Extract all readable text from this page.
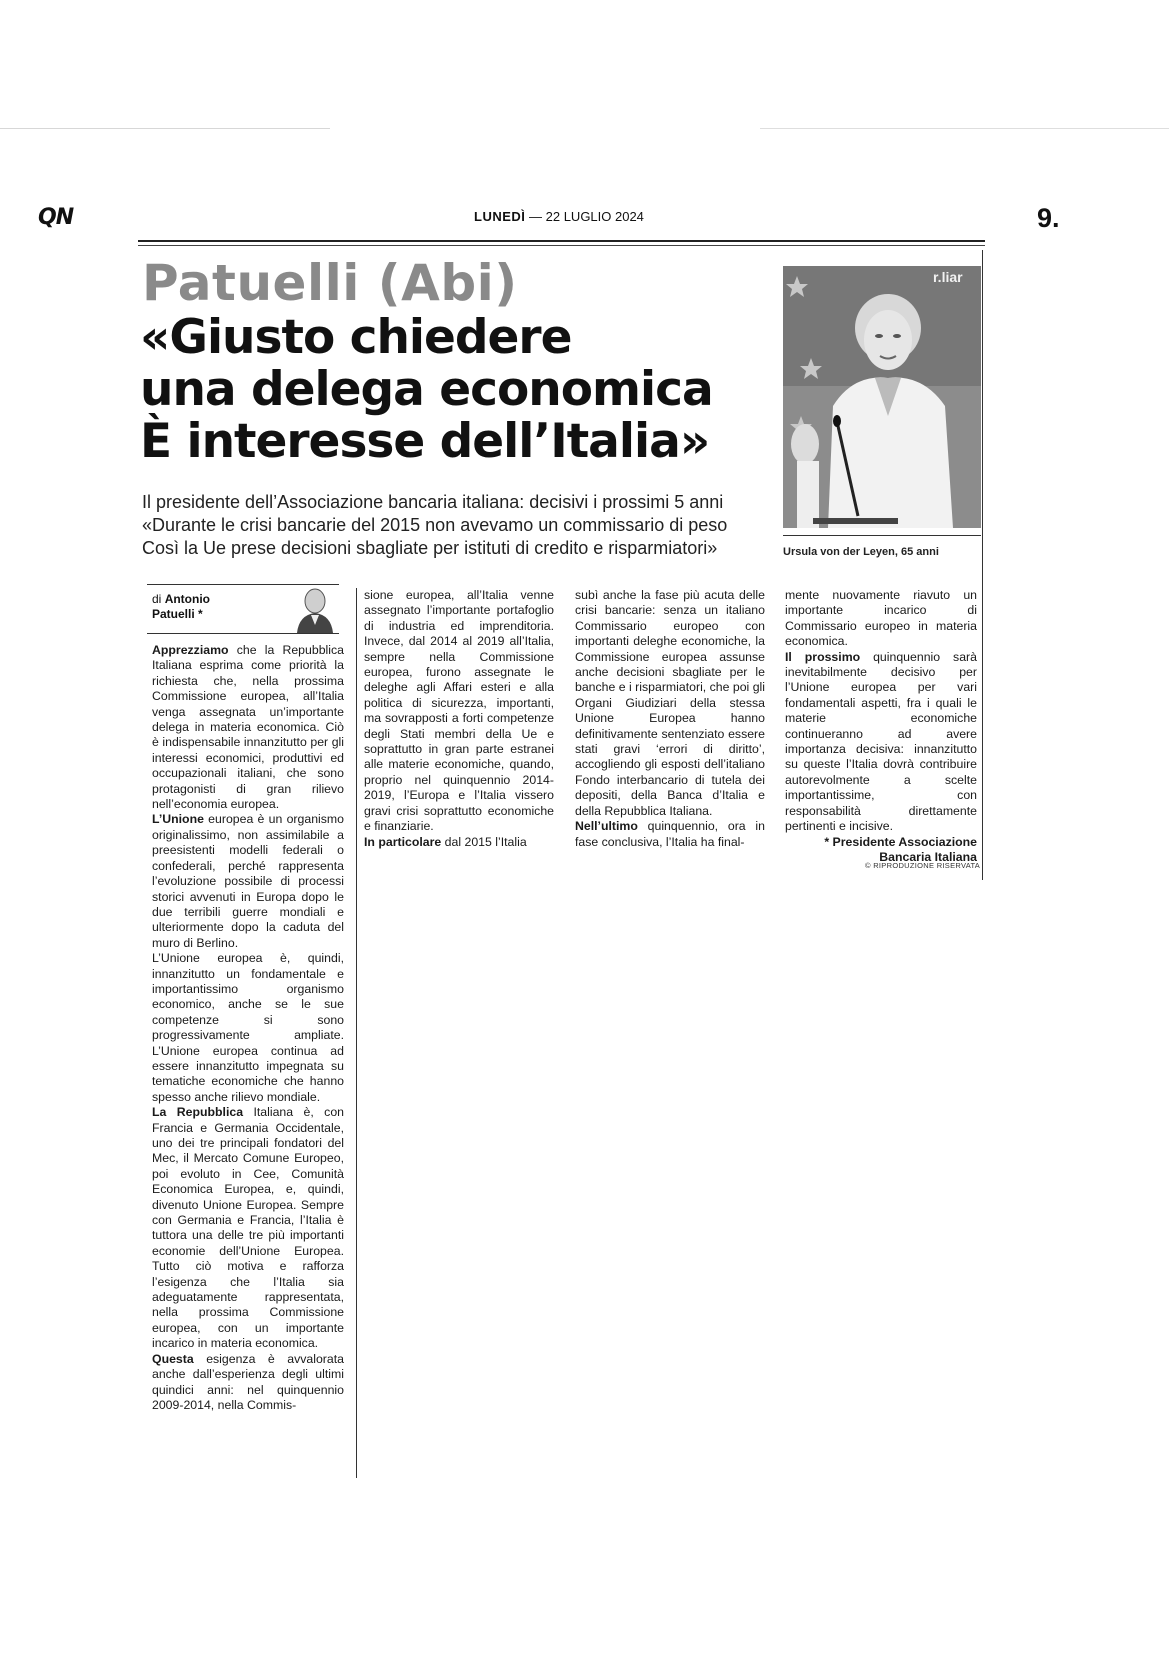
QN	LUNEDÌ — 22 LUGLIO 2024	9.
Patuelli (Abi)
«Giusto chiedere
una delega economica
È interesse dell’Italia»
Il presidente dell’Associazione bancaria italiana: decisivi i prossimi 5 anni
«Durante le crisi bancarie del 2015 non avevamo un commissario di peso
Così la Ue prese decisioni sbagliate per istituti di credito e risparmiatori»
r.liar
Ursula von der Leyen, 65 anni
di Antonio
Patuelli *

Apprezziamo che la Repubblica Italiana esprima come priorità la richiesta che, nella prossima Commissione europea, all’Italia venga assegnata un’importante delega in materia economica. Ciò è indispensabile innanzitutto per gli interessi economici, produttivi ed occupazionali italiani, che sono protagonisti di gran rilievo nell’economia europea.

L’Unione europea è un organismo originalissimo, non assimilabile a preesistenti modelli federali o confederali, perché rappresenta l’evoluzione possibile di processi storici avvenuti in Europa dopo le due terribili guerre mondiali e ulteriormente dopo la caduta del muro di Berlino.

L’Unione europea è, quindi, innanzitutto un fondamentale e importantissimo organismo economico, anche se le sue competenze si sono progressivamente ampliate. L’Unione europea continua ad essere innanzitutto impegnata su tematiche economiche che hanno spesso anche rilievo mondiale.

La Repubblica Italiana è, con Francia e Germania Occidentale, uno dei tre principali fondatori del Mec, il Mercato Comune Europeo, poi evoluto in Cee, Comunità Economica Europea, e, quindi, divenuto Unione Europea. Sempre con Germania e Francia, l’Italia è tuttora una delle tre più importanti economie dell’Unione Europea. Tutto ciò motiva e rafforza l’esigenza che l’Italia sia adeguatamente rappresentata, nella prossima Commissione europea, con un importante incarico in materia economica.

Questa esigenza è avvalorata anche dall’esperienza degli ultimi quindici anni: nel quinquennio 2009-2014, nella Commis-

sione europea, all’Italia venne assegnato l’importante portafoglio di industria ed imprenditoria. Invece, dal 2014 al 2019 all’Italia, sempre nella Commissione europea, furono assegnate le deleghe agli Affari esteri e alla politica di sicurezza, importanti, ma sovrapposti a forti competenze degli Stati membri della Ue e soprattutto in gran parte estranei alle materie economiche, quando, proprio nel quinquennio 2014-2019, l’Europa e l’Italia vissero gravi crisi soprattutto economiche e finanziarie.

In particolare dal 2015 l’Italia

subì anche la fase più acuta delle crisi bancarie: senza un italiano Commissario europeo con importanti deleghe economiche, la Commissione europea assunse anche decisioni sbagliate per le banche e i risparmiatori, che poi gli Organi Giudiziari della stessa Unione Europea hanno definitivamente sentenziato essere stati gravi ‘errori di diritto’, accogliendo gli esposti dell’italiano Fondo interbancario di tutela dei depositi, della Banca d’Italia e della Repubblica Italiana.

Nell’ultimo quinquennio, ora in fase conclusiva, l’Italia ha final-

mente nuovamente riavuto un importante incarico di Commissario europeo in materia economica.

Il prossimo quinquennio sarà inevitabilmente decisivo per l’Unione europea per vari fondamentali aspetti, fra i quali le materie economiche continueranno ad avere importanza decisiva: innanzitutto su queste l’Italia dovrà contribuire autorevolmente a scelte importantissime, con responsabilità direttamente pertinenti e incisive.

* Presidente Associazione

Bancaria Italiana

© RIPRODUZIONE RISERVATA
